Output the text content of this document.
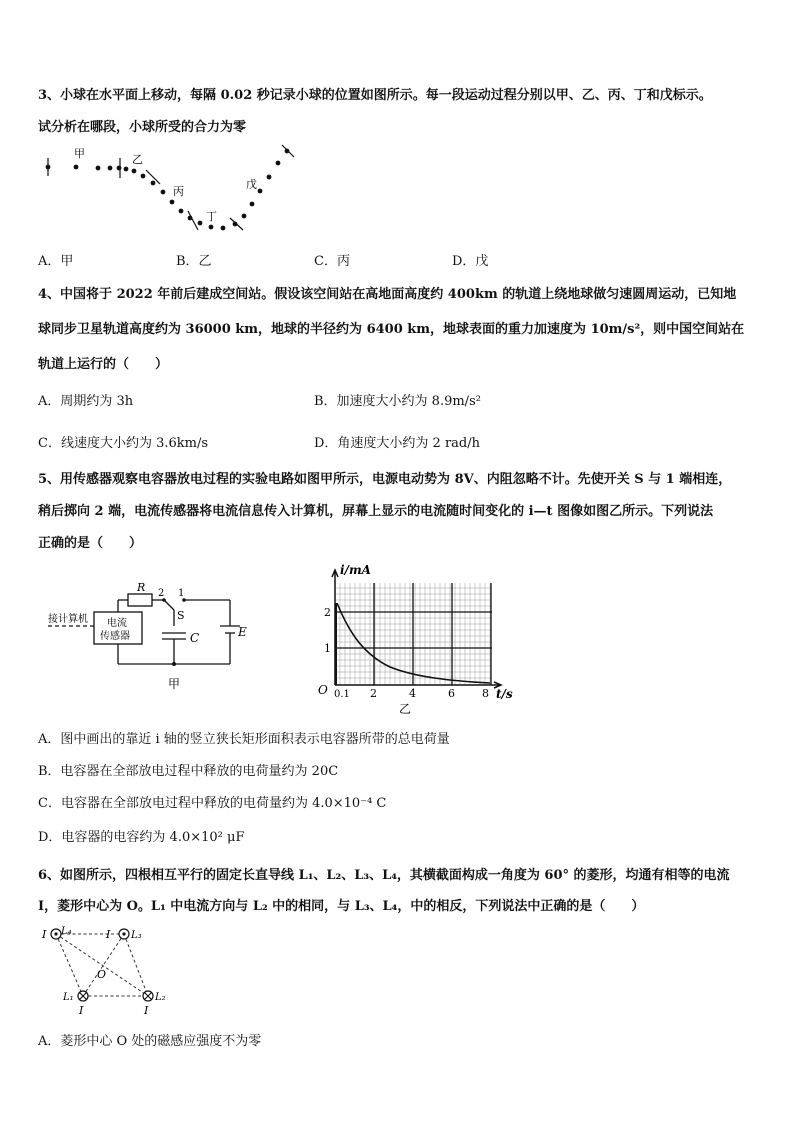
3、小球在水平面上移动，每隔 0.02 秒记录小球的位置如图所示。每一段运动过程分别以甲、乙、丙、丁和戊标示。
试分析在哪段，小球所受的合力为零
甲	乙
丙
丁
戊
A．甲	B．乙	C．丙	D．戊
4、中国将于 2022 年前后建成空间站。假设该空间站在高地面高度约 400km 的轨道上绕地球做匀速圆周运动，已知地
球同步卫星轨道高度约为 36000 km，地球的半径约为 6400 km，地球表面的重力加速度为 10m/s²，则中国空间站在
轨道上运行的（　　）
A．周期约为 3h	B．加速度大小约为 8.9m/s²
C．线速度大小约为 3.6km/s	D．角速度大小约为 2 rad/h
5、用传感器观察电容器放电过程的实验电路如图甲所示，电源电动势为 8V、内阻忽略不计。先使开关 S 与 1 端相连，
稍后掷向 2 端，电流传感器将电流信息传入计算机，屏幕上显示的电流随时间变化的 i—t 图像如图乙所示。下列说法
正确的是（　　）
接计算机 电流
传感器
R 2 1
S
C	E
甲
i/mA
t/s
O
2
1
0.1 2	4	6 8
乙
A．图中画出的靠近 i 轴的竖立狭长矩形面积表示电容器所带的总电荷量
B．电容器在全部放电过程中释放的电荷量约为 20C
C．电容器在全部放电过程中释放的电荷量约为 4.0×10⁻⁴ C
D．电容器的电容约为 4.0×10² μF
6、如图所示，四根相互平行的固定长直导线 L₁、L₂、L₃、L₄，其横截面构成一角度为 60° 的菱形，均通有相等的电流
I，菱形中心为 O。L₁ 中电流方向与 L₂ 中的相同，与 L₃、L₄，中的相反，下列说法中正确的是（　　）
I L₄	I L₃
O
L₁
I
L₂
I
A．菱形中心 O 处的磁感应强度不为零
